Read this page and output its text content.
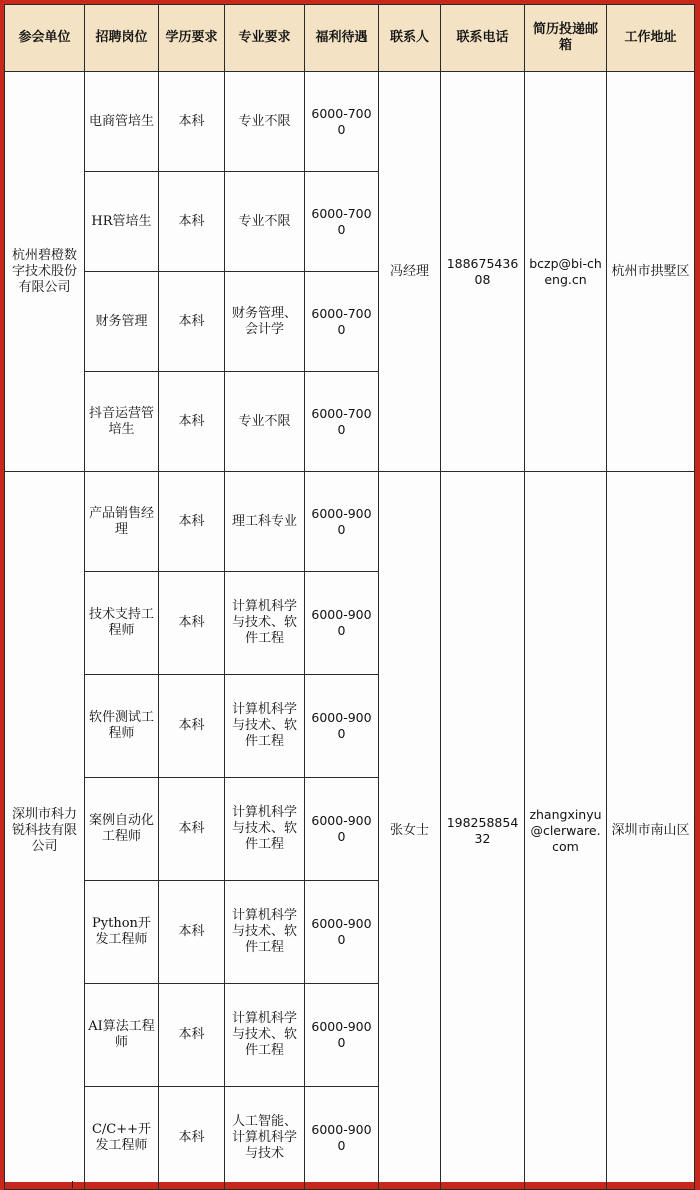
参会单位	招聘岗位	学历要求	专业要求	福利待遇	联系人	联系电话	简历投递邮箱	工作地址
杭州碧橙数字技术股份有限公司	电商管培生	本科	专业不限	6000-7000	冯经理	18867543608	bczp@bi-cheng.cn	杭州市拱墅区
	HR管培生	本科	专业不限	6000-7000				
	财务管理	本科	财务管理、会计学	6000-7000				
	抖音运营管培生	本科	专业不限	6000-7000				
深圳市科力锐科技有限公司	产品销售经理	本科	理工科专业	6000-9000	张女士	19825885432	zhangxinyu@clerware.com	深圳市南山区
	技术支持工程师	本科	计算机科学与技术、软件工程	6000-9000				
	软件测试工程师	本科	计算机科学与技术、软件工程	6000-9000				
	案例自动化工程师	本科	计算机科学与技术、软件工程	6000-9000				
	Python开发工程师	本科	计算机科学与技术、软件工程	6000-9000				
	AI算法工程师	本科	计算机科学与技术、软件工程	6000-9000				
	C/C++开发工程师	本科	人工智能、计算机科学与技术	6000-9000				
